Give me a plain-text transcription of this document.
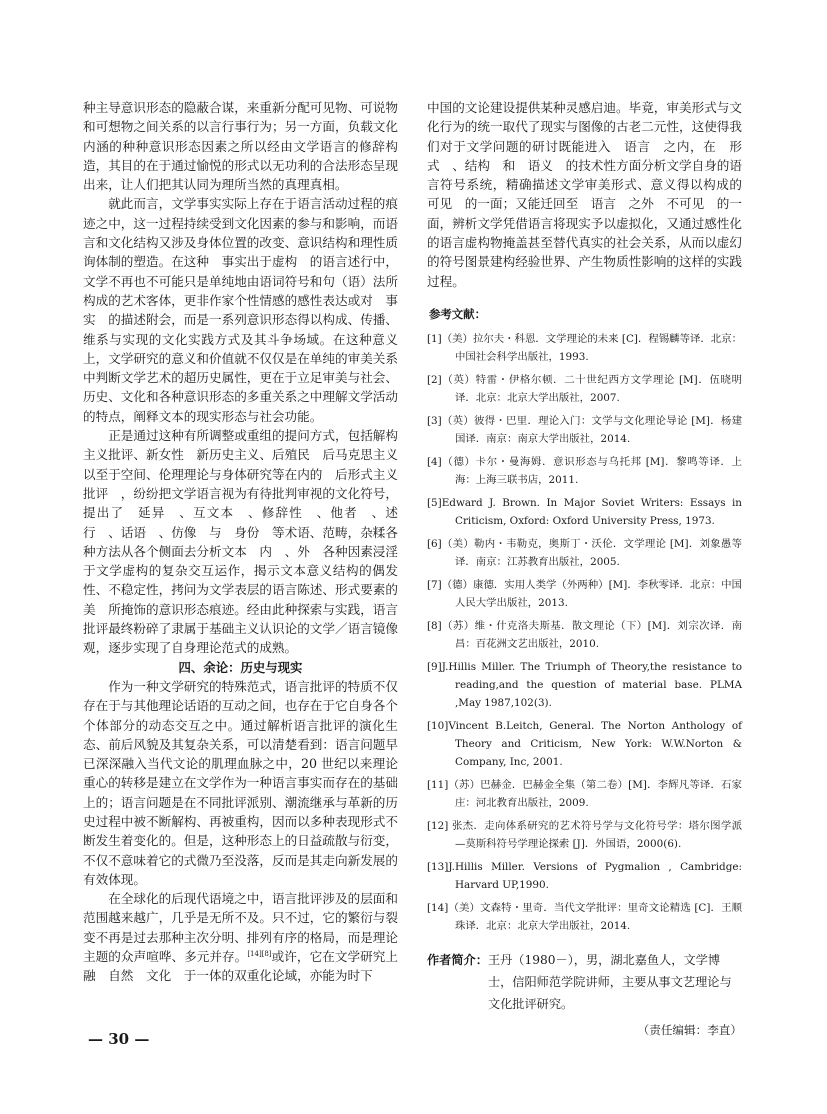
种主导意识形态的隐蔽合谋，来重新分配可见物、可说物和可想物之间关系的以言行事行为；另一方面，负载文化内涵的种种意识形态因素之所以经由文学语言的修辞构造，其目的在于通过愉悦的形式以无功利的合法形态呈现出来，让人们把其认同为理所当然的真理真相。

就此而言，文学事实实际上存在于语言活动过程的痕迹之中，这一过程持续受到文化因素的参与和影响，而语言和文化结构又涉及身体位置的改变、意识结构和理性质询体制的塑造。在这种　事实出于虚构　的语言述行中，文学不再也不可能只是单纯地由语词符号和句（语）法所构成的艺术客体，更非作家个性情感的感性表达或对　事实　的描述附会，而是一系列意识形态得以构成、传播、维系与实现的文化实践方式及其斗争场域。在这种意义上，文学研究的意义和价值就不仅仅是在单纯的审美关系中判断文学艺术的超历史属性，更在于立足审美与社会、历史、文化和各种意识形态的多重关系之中理解文学活动的特点，阐释文本的现实形态与社会功能。

正是通过这种有所调整或重组的提问方式，包括解构主义批评、新女性　新历史主义、后殖民　后马克思主义以至于空间、伦理理论与身体研究等在内的　后形式主义批评　，纷纷把文学语言视为有待批判审视的文化符号，提出了　延异　、互文本　、修辞性　、他者　、述行　、话语　、仿像　与　身份　等术语、范畴，杂糅各种方法从各个侧面去分析文本　内　、外　各种因素浸淫于文学虚构的复杂交互运作，揭示文本意义结构的偶发性、不稳定性，拷问为文学表层的语言陈述、形式要素的　美　所掩饰的意识形态痕迹。经由此种探索与实践，语言批评最终粉碎了隶属于基础主义认识论的文学／语言镜像观，逐步实现了自身理论范式的成熟。

四、余论：历史与现实

作为一种文学研究的特殊范式，语言批评的特质不仅存在于与其他理论话语的互动之间，也存在于它自身各个个体部分的动态交互之中。通过解析语言批评的演化生态、前后风貌及其复杂关系，可以清楚看到：语言问题早已深深融入当代文论的肌理血脉之中，20 世纪以来理论重心的转移是建立在文学作为一种语言事实而存在的基础上的；语言问题是在不同批评派别、潮流继承与革新的历史过程中被不断解构、再被重构，因而以多种表现形式不断发生着变化的。但是，这种形态上的日益疏散与衍变，不仅不意味着它的式微乃至没落，反而是其走向新发展的有效体现。

在全球化的后现代语境之中，语言批评涉及的层面和范围越来越广，几乎是无所不及。只不过，它的繁衍与裂变不再是过去那种主次分明、排列有序的格局，而是理论主题的众声喧哗、多元并存。[14][8]或许，它在文学研究上融　自然　文化　于一体的双重化论域，亦能为时下

中国的文论建设提供某种灵感启迪。毕竟，审美形式与文化行为的统一取代了现实与图像的古老二元性，这使得我们对于文学问题的研讨既能进入　语言　之内，在　形式　、结构　和　语义　的技术性方面分析文学自身的语言符号系统，精确描述文学审美形式、意义得以构成的　可见　的一面；又能迁回至　语言　之外　不可见　的一面，辨析文学凭借语言将现实予以虚拟化，又通过感性化的语言虚构物掩盖甚至替代真实的社会关系，从而以虚幻的符号图景建构经验世界、产生物质性影响的这样的实践过程。

参考文献：
[1]（美）拉尔夫・科恩．文学理论的未来 [C]．程锡麟等译．北京：中国社会科学出版社，1993.
[2]（英）特雷・伊格尔顿．二十世纪西方文学理论 [M]．伍晓明译．北京：北京大学出版社，2007.
[3]（英）彼得・巴里．理论入门：文学与文化理论导论 [M]．杨建国译．南京：南京大学出版社，2014.
[4]（德）卡尔・曼海姆．意识形态与乌托邦 [M]．黎鸣等译．上海：上海三联书店，2011.
[5]Edward J. Brown. In Major Soviet Writers: Essays in Criticism, Oxford: Oxford University Press, 1973.
[6]（美）勒内・韦勒克，奥斯丁・沃伦．文学理论 [M]．刘象愚等译．南京：江苏教育出版社，2005.
[7]（德）康德．实用人类学（外两种）[M]．李秋零译．北京：中国人民大学出版社，2013.
[8]（苏）维・什克洛夫斯基．散文理论（下）[M]．刘宗次译．南昌：百花洲文艺出版社，2010.
[9]J.Hillis Miller. The Triumph of Theory,the resistance to reading,and the question of material base. PLMA ,May 1987,102(3).
[10]Vincent B.Leitch, General. The Norton Anthology of Theory and Criticism, New York: W.W.Norton & Company, Inc, 2001.
[11]（苏）巴赫金．巴赫金全集（第二卷）[M]．李辉凡等译．石家庄：河北教育出版社，2009.
[12] 张杰．走向体系研究的艺术符号学与文化符号学：塔尔图学派—莫斯科符号学理论探索 [J]．外国语，2000(6).
[13]J.Hillis Miller. Versions of Pygmalion , Cambridge: Harvard UP,1990.
[14]（美）文森特・里奇．当代文学批评：里奇文论精选 [C]．王顺珠译．北京：北京大学出版社，2014.
作者简介： 王丹（1980－），男，湖北嘉鱼人，文学博士，信阳师范学院讲师，主要从事文艺理论与文化批评研究。
（责任编辑：李直）
— 30 —
